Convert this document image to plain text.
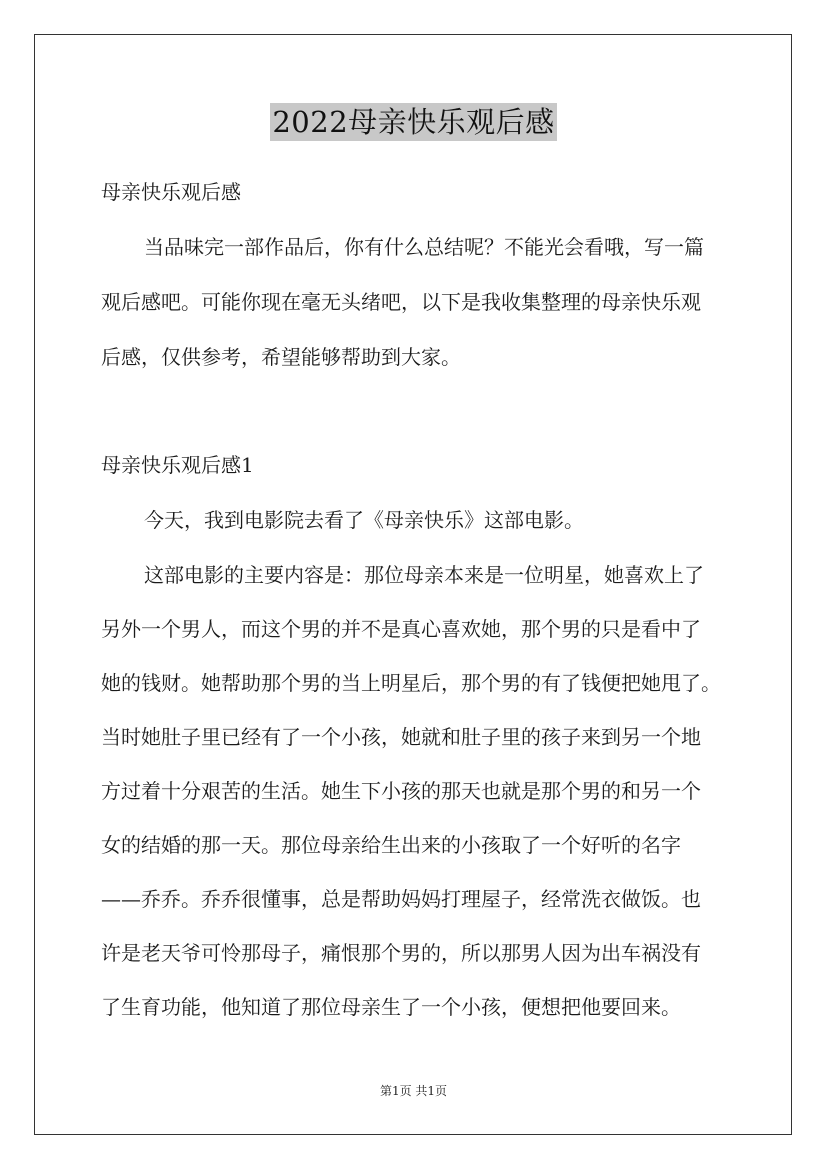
2022母亲快乐观后感
母亲快乐观后感
当品味完一部作品后，你有什么总结呢？不能光会看哦，写一篇
观后感吧。可能你现在毫无头绪吧，以下是我收集整理的母亲快乐观
后感，仅供参考，希望能够帮助到大家。
母亲快乐观后感1
今天，我到电影院去看了《母亲快乐》这部电影。
这部电影的主要内容是：那位母亲本来是一位明星，她喜欢上了
另外一个男人，而这个男的并不是真心喜欢她，那个男的只是看中了
她的钱财。她帮助那个男的当上明星后，那个男的有了钱便把她甩了。
当时她肚子里已经有了一个小孩，她就和肚子里的孩子来到另一个地
方过着十分艰苦的生活。她生下小孩的那天也就是那个男的和另一个
女的结婚的那一天。那位母亲给生出来的小孩取了一个好听的名字
——乔乔。乔乔很懂事，总是帮助妈妈打理屋子，经常洗衣做饭。也
许是老天爷可怜那母子，痛恨那个男的，所以那男人因为出车祸没有
了生育功能，他知道了那位母亲生了一个小孩，便想把他要回来。
第1页 共1页
